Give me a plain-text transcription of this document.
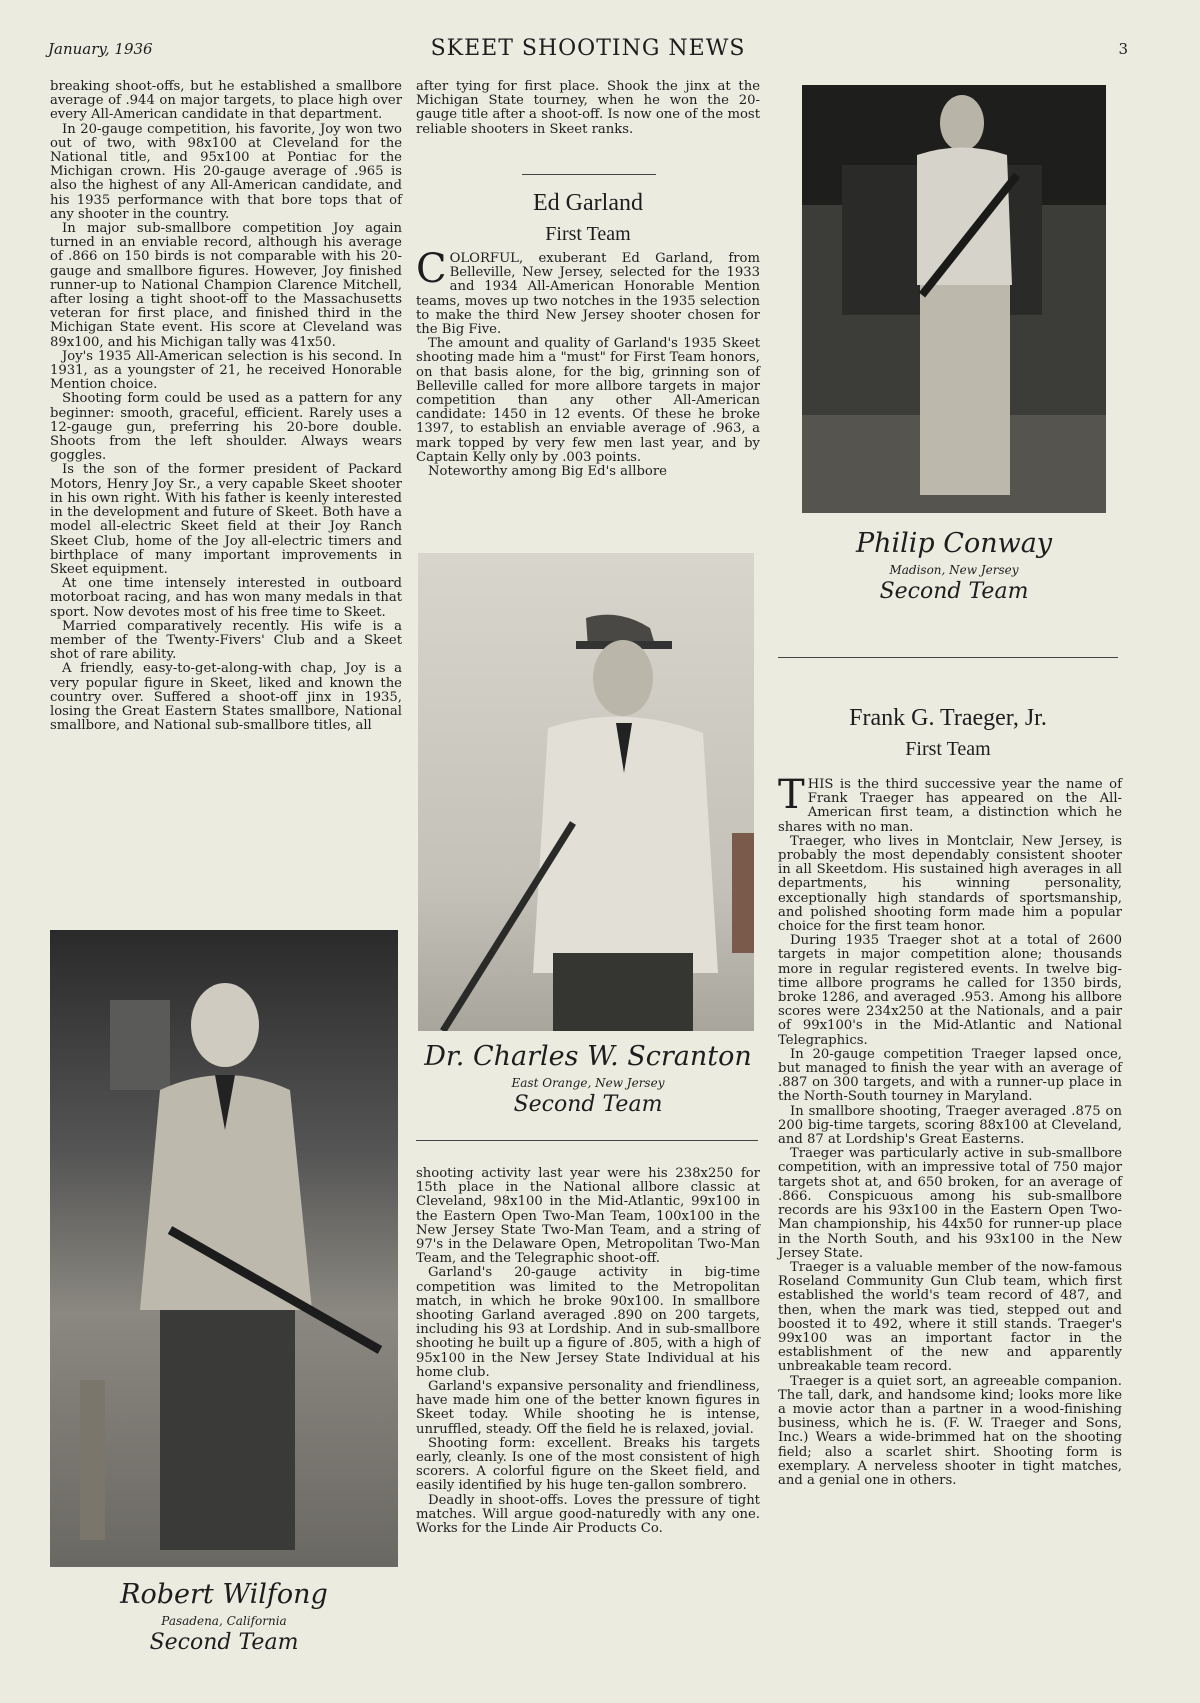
January, 1936	SKEET SHOOTING NEWS	3

breaking shoot-offs, but he established a smallbore average of .944 on major targets, to place high over every All-American candidate in that department.

In 20-gauge competition, his favorite, Joy won two out of two, with 98x100 at Cleveland for the National title, and 95x100 at Pontiac for the Michigan crown. His 20-gauge average of .965 is also the highest of any All-American candidate, and his 1935 performance with that bore tops that of any shooter in the country.

In major sub-smallbore competition Joy again turned in an enviable record, although his average of .866 on 150 birds is not comparable with his 20-gauge and smallbore figures. However, Joy finished runner-up to National Champion Clarence Mitchell, after losing a tight shoot-off to the Massachusetts veteran for first place, and finished third in the Michigan State event. His score at Cleveland was 89x100, and his Michigan tally was 41x50.

Joy's 1935 All-American selection is his second. In 1931, as a youngster of 21, he received Honorable Mention choice.

Shooting form could be used as a pattern for any beginner: smooth, graceful, efficient. Rarely uses a 12-gauge gun, preferring his 20-bore double. Shoots from the left shoulder. Always wears goggles.

Is the son of the former president of Packard Motors, Henry Joy Sr., a very capable Skeet shooter in his own right. With his father is keenly interested in the development and future of Skeet. Both have a model all-electric Skeet field at their Joy Ranch Skeet Club, home of the Joy all-electric timers and birthplace of many important improvements in Skeet equipment.

At one time intensely interested in outboard motorboat racing, and has won many medals in that sport. Now devotes most of his free time to Skeet.

Married comparatively recently. His wife is a member of the Twenty-Fivers' Club and a Skeet shot of rare ability.

A friendly, easy-to-get-along-with chap, Joy is a very popular figure in Skeet, liked and known the country over. Suffered a shoot-off jinx in 1935, losing the Great Eastern States smallbore, National smallbore, and National sub-smallbore titles, all

Robert Wilfong
Pasadena, California
Second Team

after tying for first place. Shook the jinx at the Michigan State tourney, when he won the 20-gauge title after a shoot-off. Is now one of the most reliable shooters in Skeet ranks.

Ed Garland
First Team

COLORFUL, exuberant Ed Garland, from Belleville, New Jersey, selected for the 1933 and 1934 All-American Honorable Mention teams, moves up two notches in the 1935 selection to make the third New Jersey shooter chosen for the Big Five.

The amount and quality of Garland's 1935 Skeet shooting made him a "must" for First Team honors, on that basis alone, for the big, grinning son of Belleville called for more allbore targets in major competition than any other All-American candidate: 1450 in 12 events. Of these he broke 1397, to establish an enviable average of .963, a mark topped by very few men last year, and by Captain Kelly only by .003 points.

Noteworthy among Big Ed's allbore

Dr. Charles W. Scranton
East Orange, New Jersey
Second Team

shooting activity last year were his 238x250 for 15th place in the National allbore classic at Cleveland, 98x100 in the Mid-Atlantic, 99x100 in the Eastern Open Two-Man Team, 100x100 in the New Jersey State Two-Man Team, and a string of 97's in the Delaware Open, Metropolitan Two-Man Team, and the Telegraphic shoot-off.

Garland's 20-gauge activity in big-time competition was limited to the Metropolitan match, in which he broke 90x100. In smallbore shooting Garland averaged .890 on 200 targets, including his 93 at Lordship. And in sub-smallbore shooting he built up a figure of .805, with a high of 95x100 in the New Jersey State Individual at his home club.

Garland's expansive personality and friendliness, have made him one of the better known figures in Skeet today. While shooting he is intense, unruffled, steady. Off the field he is relaxed, jovial.

Shooting form: excellent. Breaks his targets early, cleanly. Is one of the most consistent of high scorers. A colorful figure on the Skeet field, and easily identified by his huge ten-gallon sombrero.

Deadly in shoot-offs. Loves the pressure of tight matches. Will argue good-naturedly with any one. Works for the Linde Air Products Co.

Philip Conway
Madison, New Jersey
Second Team
Frank G. Traeger, Jr.
First Team

THIS is the third successive year the name of Frank Traeger has appeared on the All-American first team, a distinction which he shares with no man.

Traeger, who lives in Montclair, New Jersey, is probably the most dependably consistent shooter in all Skeetdom. His sustained high averages in all departments, his winning personality, exceptionally high standards of sportsmanship, and polished shooting form made him a popular choice for the first team honor.

During 1935 Traeger shot at a total of 2600 targets in major competition alone; thousands more in regular registered events. In twelve big-time allbore programs he called for 1350 birds, broke 1286, and averaged .953. Among his allbore scores were 234x250 at the Nationals, and a pair of 99x100's in the Mid-Atlantic and National Telegraphics.

In 20-gauge competition Traeger lapsed once, but managed to finish the year with an average of .887 on 300 targets, and with a runner-up place in the North-South tourney in Maryland.

In smallbore shooting, Traeger averaged .875 on 200 big-time targets, scoring 88x100 at Cleveland, and 87 at Lordship's Great Easterns.

Traeger was particularly active in sub-smallbore competition, with an impressive total of 750 major targets shot at, and 650 broken, for an average of .866. Conspicuous among his sub-smallbore records are his 93x100 in the Eastern Open Two-Man championship, his 44x50 for runner-up place in the North South, and his 93x100 in the New Jersey State.

Traeger is a valuable member of the now-famous Roseland Community Gun Club team, which first established the world's team record of 487, and then, when the mark was tied, stepped out and boosted it to 492, where it still stands. Traeger's 99x100 was an important factor in the establishment of the new and apparently unbreakable team record.

Traeger is a quiet sort, an agreeable companion. The tall, dark, and handsome kind; looks more like a movie actor than a partner in a wood-finishing business, which he is. (F. W. Traeger and Sons, Inc.) Wears a wide-brimmed hat on the shooting field; also a scarlet shirt. Shooting form is exemplary. A nerveless shooter in tight matches, and a genial one in others.
